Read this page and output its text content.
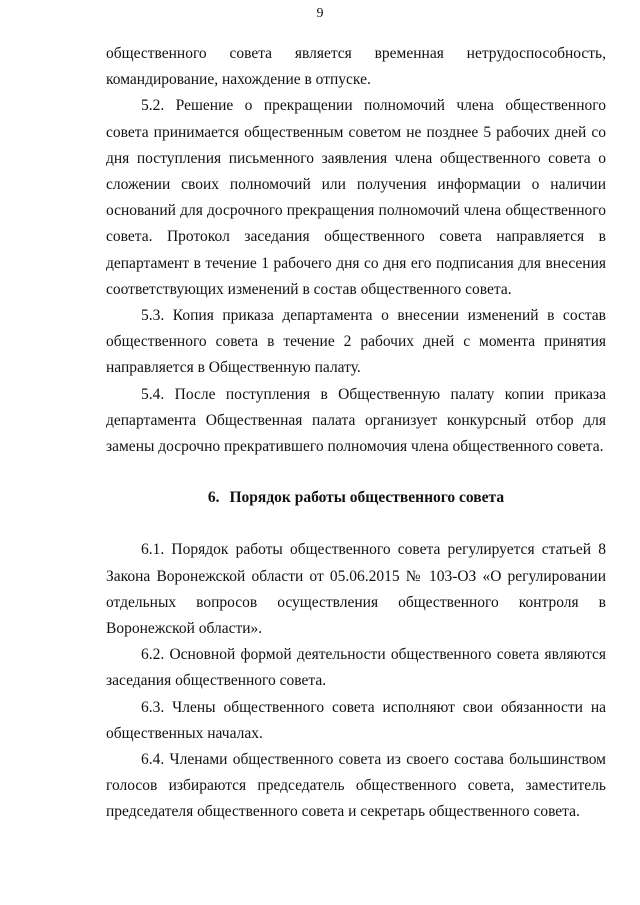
9

общественного совета является временная нетрудоспособность, командирование, нахождение в отпуске.

5.2. Решение о прекращении полномочий члена общественного совета принимается общественным советом не позднее 5 рабочих дней со дня поступления письменного заявления члена общественного совета о сложении своих полномочий или получения информации о наличии оснований для досрочного прекращения полномочий члена общественного совета. Протокол заседания общественного совета направляется в департамент в течение 1 рабочего дня со дня его подписания для внесения соответствующих изменений в состав общественного совета.

5.3. Копия приказа департамента о внесении изменений в состав общественного совета в течение 2 рабочих дней с момента принятия направляется в Общественную палату.

5.4. После поступления в Общественную палату копии приказа департамента Общественная палата организует конкурсный отбор для замены досрочно прекратившего полномочия члена общественного совета.

6. Порядок работы общественного совета

6.1. Порядок работы общественного совета регулируется статьей 8 Закона Воронежской области от 05.06.2015 № 103-ОЗ «О регулировании отдельных вопросов осуществления общественного контроля в Воронежской области».

6.2. Основной формой деятельности общественного совета являются заседания общественного совета.

6.3. Члены общественного совета исполняют свои обязанности на общественных началах.

6.4. Членами общественного совета из своего состава большинством голосов избираются председатель общественного совета, заместитель председателя общественного совета и секретарь общественного совета.
